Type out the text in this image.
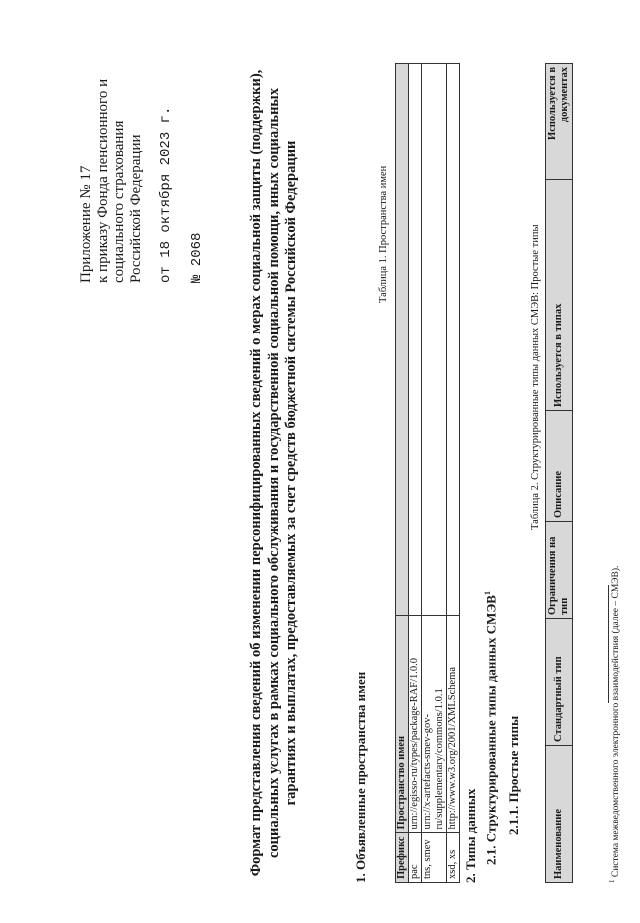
Приложение № 17 к приказу Фонда пенсионного и социального страхования Российской Федерации от 18 октября 2023 г. № 2068	Формат представления сведений об изменении персонифицированных сведений о мерах социальной защиты (поддержки), социальных услугах в рамках социального обслуживания и государственной социальной помощи, иных социальных гарантиях и выплатах, предоставляемых за счет средств бюджетной системы Российской Федерации	1. Объявленные пространства имен
Таблица 1. Пространства имен
Префикс	Пространство имен	
pac	urn://egisso-ru/types/package-RAF/1.0.0	
tns, smev	urn://x-artefacts-smev-gov-ru/supplementary/commons/1.0.1	
xsd, xs	http://www.w3.org/2001/XMLSchema	
2. Типы данных 2.1. Структурированные типы данных СМЭВ$^1$
2.1.1. Простые типы
Таблица 2. Структурированные типы данных СМЭВ: Простые типы
Наименование	Стандартный тип	Ограничения на тип	Описание	Используется в типах	Используется в документах
$^1$ Система межведомственного электронного взаимодействия (далее – СМЭВ).
